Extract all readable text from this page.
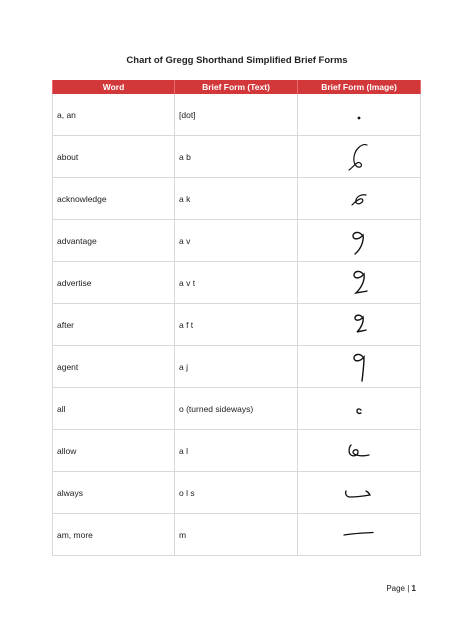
Chart of Gregg Shorthand Simplified Brief Forms
Word	Brief Form (Text)	Brief Form (Image)
a, an	[dot]	

about	a b	

acknowledge	a k	

advantage	a v	

advertise	a v t	

after	a f t	

agent	a j	

all	o (turned sideways)	

allow	a l	

always	o l s	

am, more	m	
Page | 1
